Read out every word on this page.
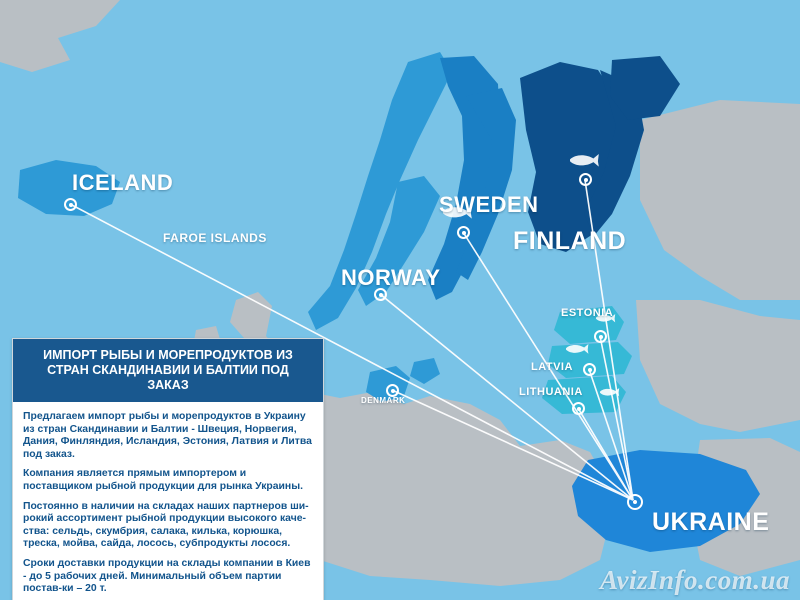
ICELAND
FAROE ISLANDS
NORWAY
SWEDEN
FINLAND
ESTONIA
LATVIA
LITHUANIA
DENMARK
UKRAINE
ИМПОРТ РЫБЫ И МОРЕПРОДУКТОВ ИЗ
СТРАН СКАНДИНАВИИ И БАЛТИИ ПОД
ЗАКАЗ

Предлагаем импорт рыбы и морепродуктов в Украину из стран Скандинавии и Балтии - Швеция, Норвегия, Дания, Финляндия, Исландия, Эстония, Латвия и Литва под заказ.

Компания является прямым импортером и поставщиком рыбной продукции для рынка Украины.

Постоянно в наличии на складах наших партнеров ши-рокий ассортимент рыбной продукции высокого каче-ства: сельдь, скумбрия, салака, килька, корюшка, треска, мойва, сайда, лосось, субпродукты лосося.

Сроки доставки продукции на склады компании в Киев - до 5 рабочих дней. Минимальный объем партии постав-ки – 20 т.	AvizInfo.com.ua
